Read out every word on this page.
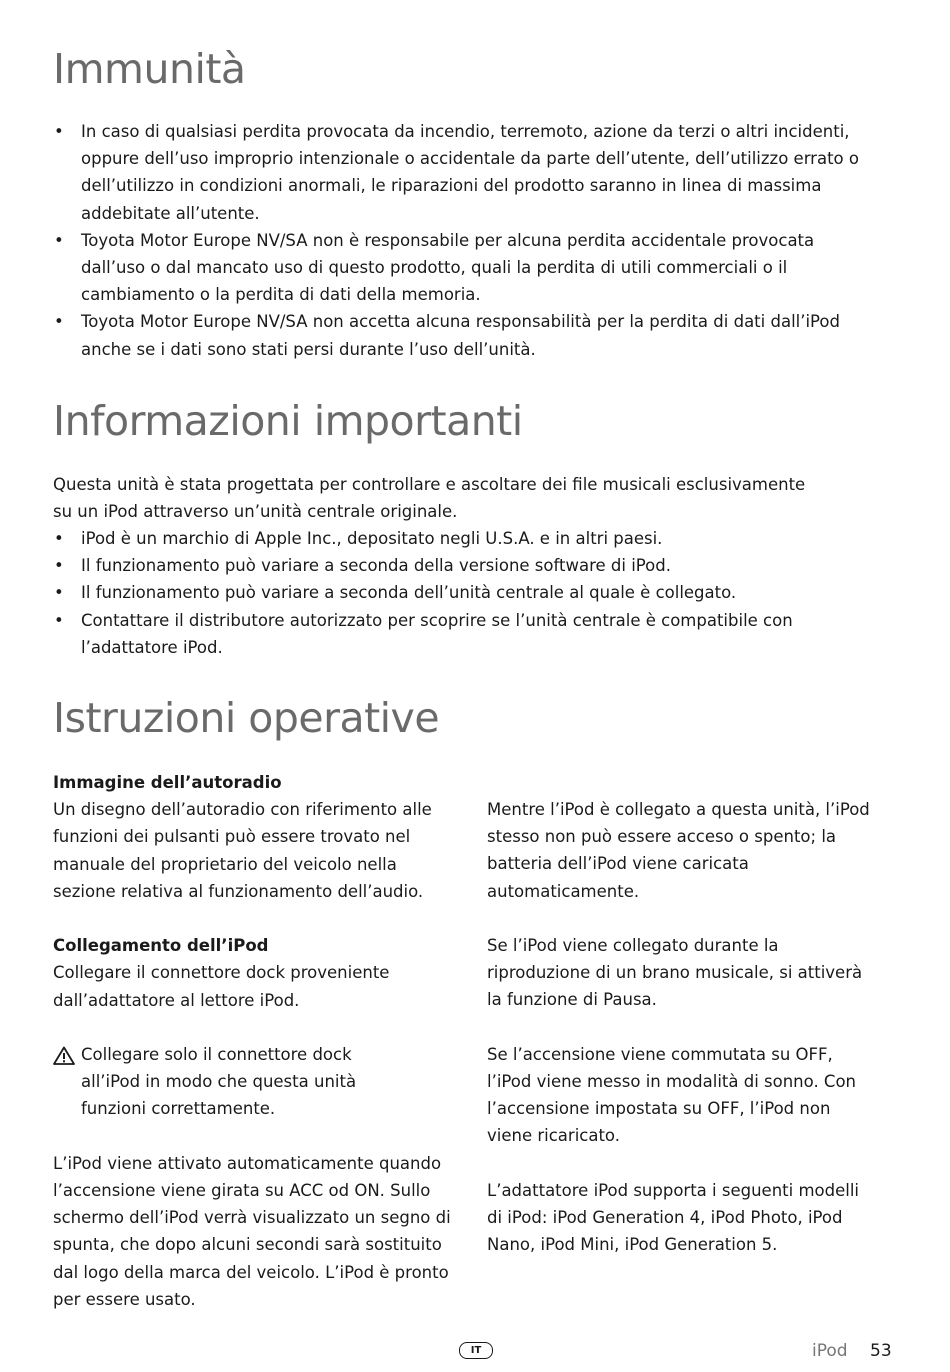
Immunità
• In caso di qualsiasi perdita provocata da incendio, terremoto, azione da terzi o altri incidenti, oppure dell’uso improprio intenzionale o accidentale da parte dell’utente, dell’utilizzo errato o dell’utilizzo in condizioni anormali, le riparazioni del prodotto saranno in linea di massima addebitate all’utente.
• Toyota Motor Europe NV/SA non è responsabile per alcuna perdita accidentale provocata dall’uso o dal mancato uso di questo prodotto, quali la perdita di utili commerciali o il cambiamento o la perdita di dati della memoria.
• Toyota Motor Europe NV/SA non accetta alcuna responsabilità per la perdita di dati dall’iPod anche se i dati sono stati persi durante l’uso dell’unità.
Informazioni importanti

Questa unità è stata progettata per controllare e ascoltare dei file musicali esclusivamente su un iPod attraverso un’unità centrale originale.

• iPod è un marchio di Apple Inc., depositato negli U.S.A. e in altri paesi.
• Il funzionamento può variare a seconda della versione software di iPod.
• Il funzionamento può variare a seconda dell’unità centrale al quale è collegato.
• Contattare il distributore autorizzato per scoprire se l’unità centrale è compatibile con l’adattatore iPod.
Istruzioni operative

Immagine dell’autoradio

Un disegno dell’autoradio con riferimento alle funzioni dei pulsanti può essere trovato nel manuale del proprietario del veicolo nella sezione relativa al funzionamento dell’audio.

Collegamento dell’iPod

Collegare il connettore dock proveniente dall’adattatore al lettore iPod.

Collegare solo il connettore dock all’iPod in modo che questa unità funzioni correttamente.

L’iPod viene attivato automaticamente quando l’accensione viene girata su ACC od ON. Sullo schermo dell’iPod verrà visualizzato un segno di spunta, che dopo alcuni secondi sarà sostituito dal logo della marca del veicolo. L’iPod è pronto per essere usato.

Mentre l’iPod è collegato a questa unità, l’iPod stesso non può essere acceso o spento; la batteria dell’iPod viene caricata automaticamente.

Se l’iPod viene collegato durante la riproduzione di un brano musicale, si attiverà la funzione di Pausa.

Se l’accensione viene commutata su OFF, l’iPod viene messo in modalità di sonno. Con l’accensione impostata su OFF, l’iPod non viene ricaricato.

L’adattatore iPod supporta i seguenti modelli di iPod: iPod Generation 4, iPod Photo, iPod Nano, iPod Mini, iPod Generation 5.

IT	iPod 53
